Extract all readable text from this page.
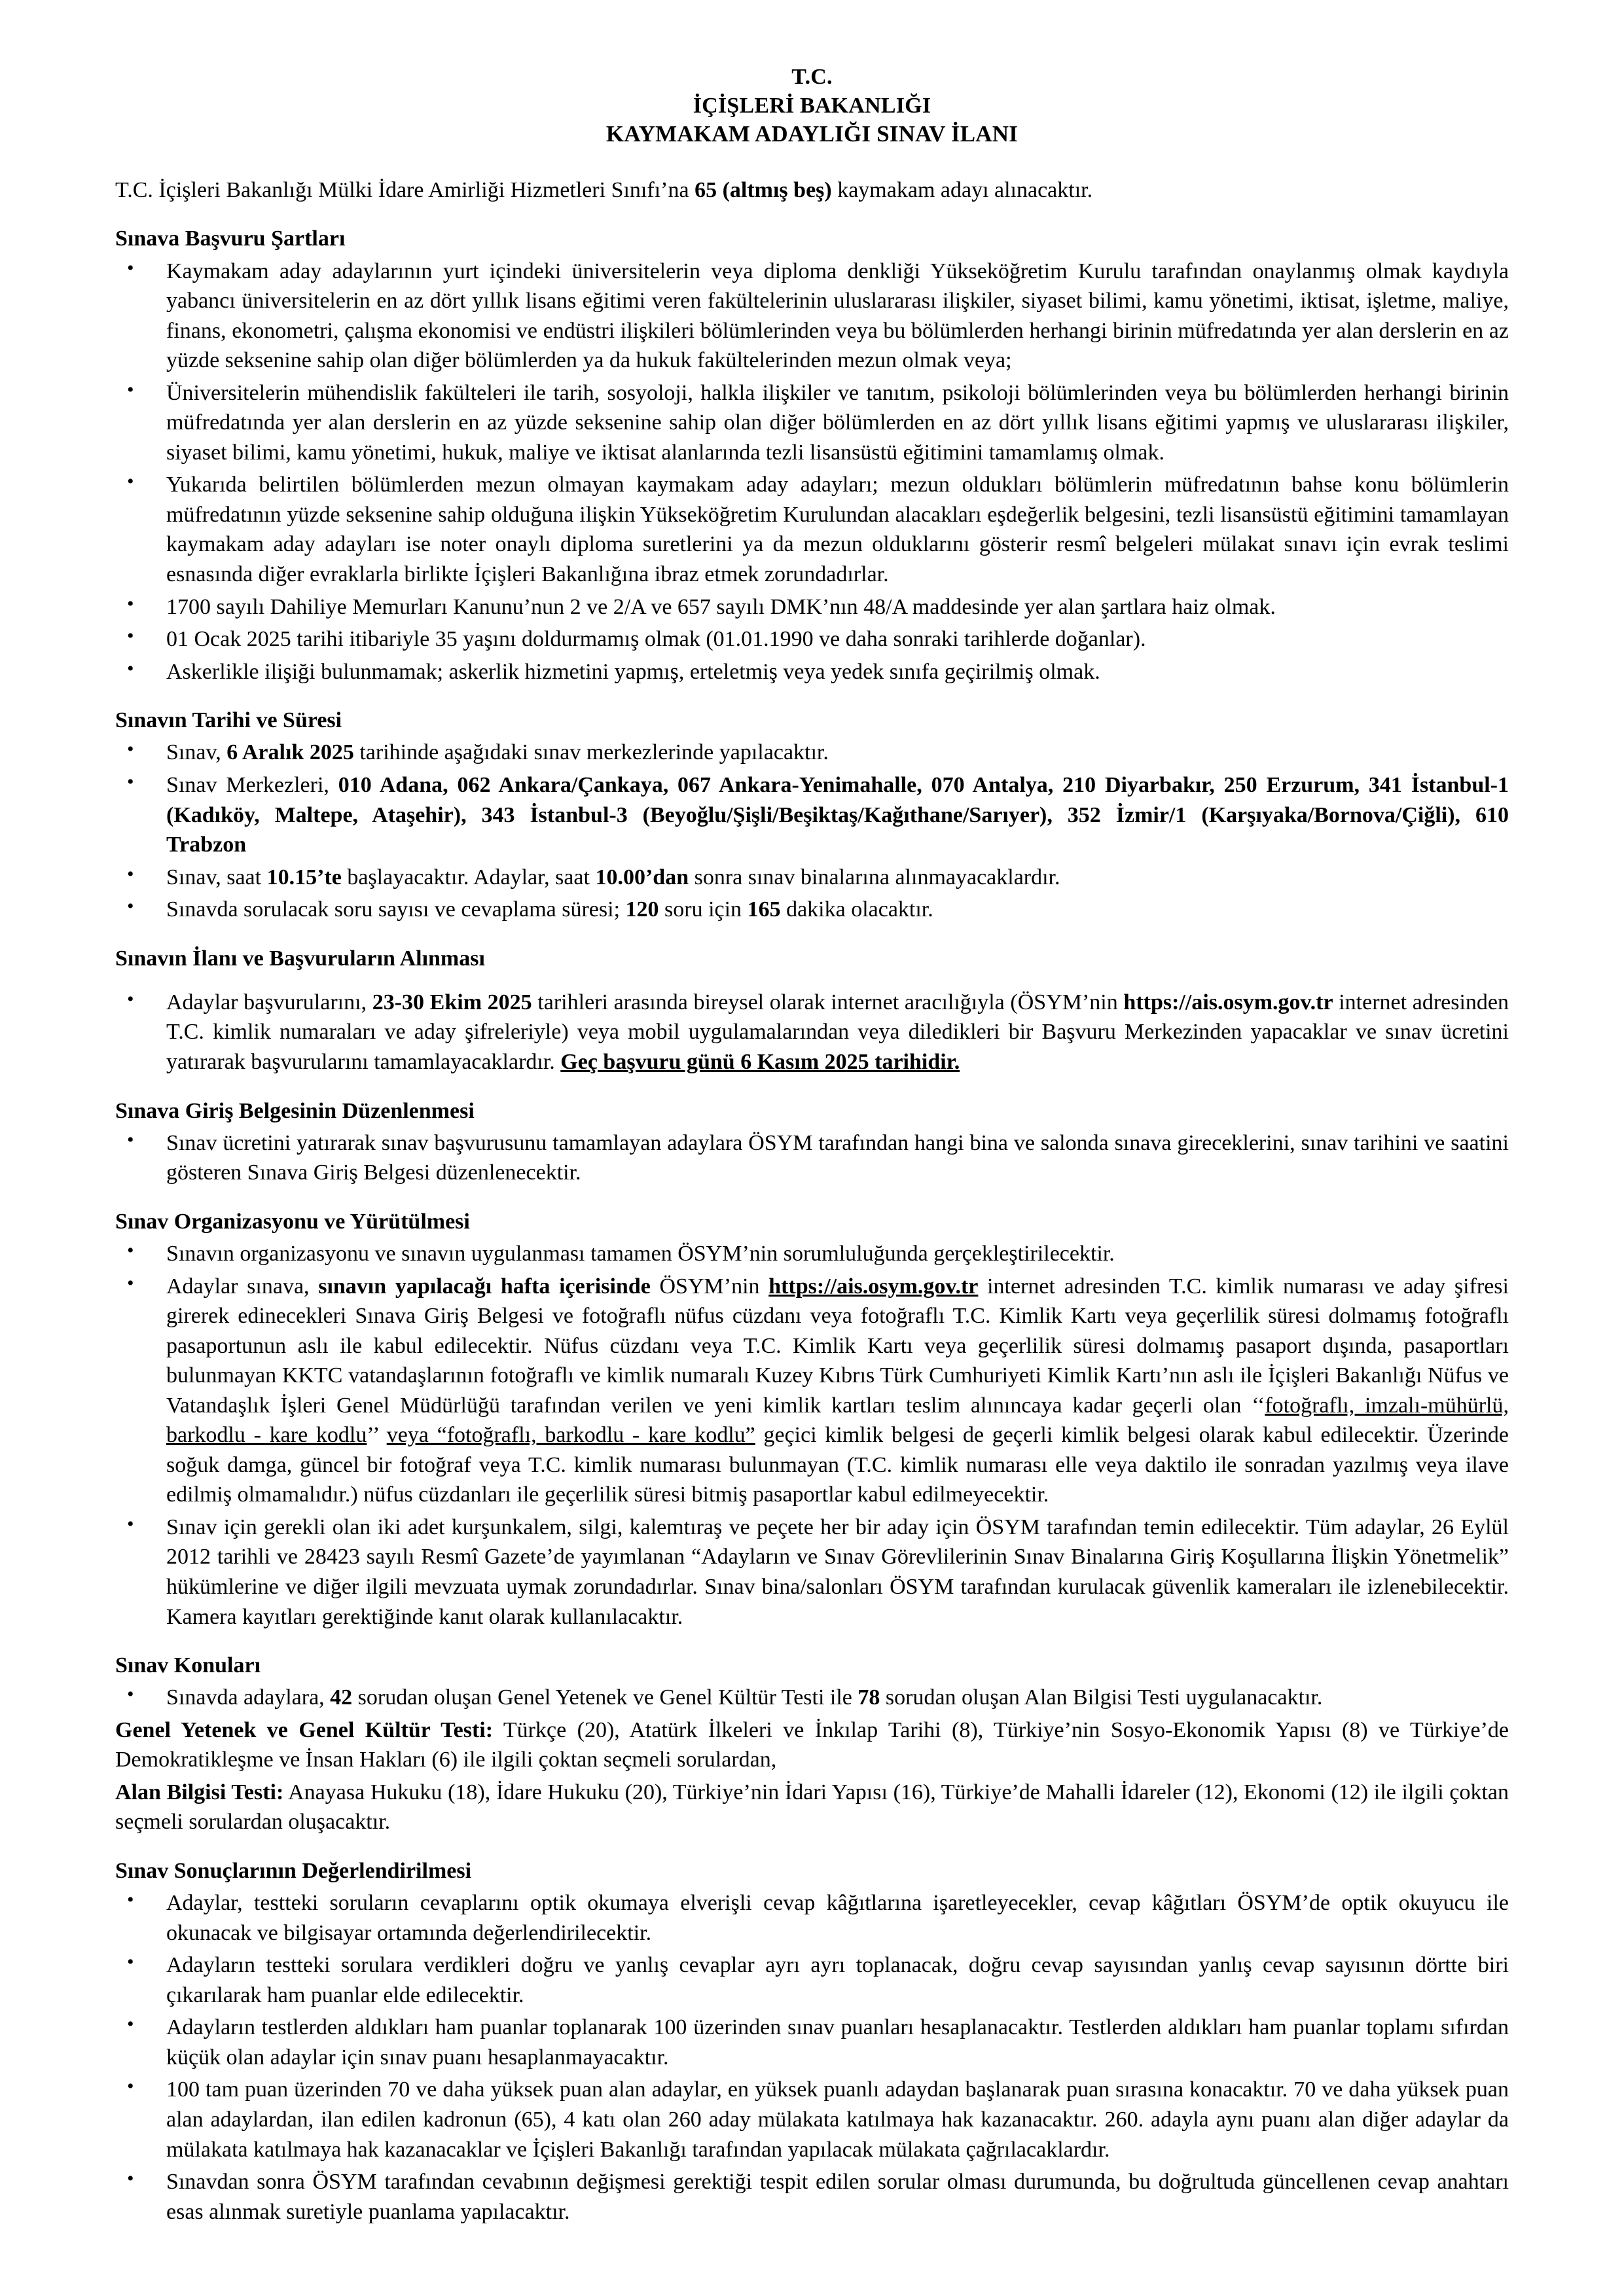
T.C.
İÇİŞLERİ BAKANLIĞI
KAYMAKAM ADAYLIĞI SINAV İLANI
T.C. İçişleri Bakanlığı Mülki İdare Amirliği Hizmetleri Sınıfı’na 65 (altmış beş) kaymakam adayı alınacaktır.
Sınava Başvuru Şartları
• Kaymakam aday adaylarının yurt içindeki üniversitelerin veya diploma denkliği Yükseköğretim Kurulu tarafından onaylanmış olmak kaydıyla yabancı üniversitelerin en az dört yıllık lisans eğitimi veren fakültelerinin uluslararası ilişkiler, siyaset bilimi, kamu yönetimi, iktisat, işletme, maliye, finans, ekonometri, çalışma ekonomisi ve endüstri ilişkileri bölümlerinden veya bu bölümlerden herhangi birinin müfredatında yer alan derslerin en az yüzde seksenine sahip olan diğer bölümlerden ya da hukuk fakültelerinden mezun olmak veya;
• Üniversitelerin mühendislik fakülteleri ile tarih, sosyoloji, halkla ilişkiler ve tanıtım, psikoloji bölümlerinden veya bu bölümlerden herhangi birinin müfredatında yer alan derslerin en az yüzde seksenine sahip olan diğer bölümlerden en az dört yıllık lisans eğitimi yapmış ve uluslararası ilişkiler, siyaset bilimi, kamu yönetimi, hukuk, maliye ve iktisat alanlarında tezli lisansüstü eğitimini tamamlamış olmak.
• Yukarıda belirtilen bölümlerden mezun olmayan kaymakam aday adayları; mezun oldukları bölümlerin müfredatının bahse konu bölümlerin müfredatının yüzde seksenine sahip olduğuna ilişkin Yükseköğretim Kurulundan alacakları eşdeğerlik belgesini, tezli lisansüstü eğitimini tamamlayan kaymakam aday adayları ise noter onaylı diploma suretlerini ya da mezun olduklarını gösterir resmî belgeleri mülakat sınavı için evrak teslimi esnasında diğer evraklarla birlikte İçişleri Bakanlığına ibraz etmek zorundadırlar.
• 1700 sayılı Dahiliye Memurları Kanunu’nun 2 ve 2/A ve 657 sayılı DMK’nın 48/A maddesinde yer alan şartlara haiz olmak.
• 01 Ocak 2025 tarihi itibariyle 35 yaşını doldurmamış olmak (01.01.1990 ve daha sonraki tarihlerde doğanlar).
• Askerlikle ilişiği bulunmamak; askerlik hizmetini yapmış, erteletmiş veya yedek sınıfa geçirilmiş olmak.
Sınavın Tarihi ve Süresi
• Sınav, 6 Aralık 2025 tarihinde aşağıdaki sınav merkezlerinde yapılacaktır.
• Sınav Merkezleri, 010 Adana, 062 Ankara/Çankaya, 067 Ankara-Yenimahalle, 070 Antalya, 210 Diyarbakır, 250 Erzurum, 341 İstanbul-1 (Kadıköy, Maltepe, Ataşehir), 343 İstanbul-3 (Beyoğlu/Şişli/Beşiktaş/Kağıthane/Sarıyer), 352 İzmir/1 (Karşıyaka/Bornova/Çiğli), 610 Trabzon
• Sınav, saat 10.15’te başlayacaktır. Adaylar, saat 10.00’dan sonra sınav binalarına alınmayacaklardır.
• Sınavda sorulacak soru sayısı ve cevaplama süresi; 120 soru için 165 dakika olacaktır.
Sınavın İlanı ve Başvuruların Alınması
• Adaylar başvurularını, 23-30 Ekim 2025 tarihleri arasında bireysel olarak internet aracılığıyla (ÖSYM’nin https://ais.osym.gov.tr internet adresinden T.C. kimlik numaraları ve aday şifreleriyle) veya mobil uygulamalarından veya diledikleri bir Başvuru Merkezinden yapacaklar ve sınav ücretini yatırarak başvurularını tamamlayacaklardır. Geç başvuru günü 6 Kasım 2025 tarihidir.
Sınava Giriş Belgesinin Düzenlenmesi
• Sınav ücretini yatırarak sınav başvurusunu tamamlayan adaylara ÖSYM tarafından hangi bina ve salonda sınava gireceklerini, sınav tarihini ve saatini gösteren Sınava Giriş Belgesi düzenlenecektir.
Sınav Organizasyonu ve Yürütülmesi
• Sınavın organizasyonu ve sınavın uygulanması tamamen ÖSYM’nin sorumluluğunda gerçekleştirilecektir.
• Adaylar sınava, sınavın yapılacağı hafta içerisinde ÖSYM’nin https://ais.osym.gov.tr internet adresinden T.C. kimlik numarası ve aday şifresi girerek edinecekleri Sınava Giriş Belgesi ve fotoğraflı nüfus cüzdanı veya fotoğraflı T.C. Kimlik Kartı veya geçerlilik süresi dolmamış fotoğraflı pasaportunun aslı ile kabul edilecektir. Nüfus cüzdanı veya T.C. Kimlik Kartı veya geçerlilik süresi dolmamış pasaport dışında, pasaportları bulunmayan KKTC vatandaşlarının fotoğraflı ve kimlik numaralı Kuzey Kıbrıs Türk Cumhuriyeti Kimlik Kartı’nın aslı ile İçişleri Bakanlığı Nüfus ve Vatandaşlık İşleri Genel Müdürlüğü tarafından verilen ve yeni kimlik kartları teslim alınıncaya kadar geçerli olan ‘‘fotoğraflı, imzalı-mühürlü, barkodlu - kare kodlu’’ veya “fotoğraflı, barkodlu - kare kodlu” geçici kimlik belgesi de geçerli kimlik belgesi olarak kabul edilecektir. Üzerinde soğuk damga, güncel bir fotoğraf veya T.C. kimlik numarası bulunmayan (T.C. kimlik numarası elle veya daktilo ile sonradan yazılmış veya ilave edilmiş olmamalıdır.) nüfus cüzdanları ile geçerlilik süresi bitmiş pasaportlar kabul edilmeyecektir.
• Sınav için gerekli olan iki adet kurşunkalem, silgi, kalemtıraş ve peçete her bir aday için ÖSYM tarafından temin edilecektir. Tüm adaylar, 26 Eylül 2012 tarihli ve 28423 sayılı Resmî Gazete’de yayımlanan “Adayların ve Sınav Görevlilerinin Sınav Binalarına Giriş Koşullarına İlişkin Yönetmelik” hükümlerine ve diğer ilgili mevzuata uymak zorundadırlar. Sınav bina/salonları ÖSYM tarafından kurulacak güvenlik kameraları ile izlenebilecektir. Kamera kayıtları gerektiğinde kanıt olarak kullanılacaktır.
Sınav Konuları
• Sınavda adaylara, 42 sorudan oluşan Genel Yetenek ve Genel Kültür Testi ile 78 sorudan oluşan Alan Bilgisi Testi uygulanacaktır.
Genel Yetenek ve Genel Kültür Testi: Türkçe (20), Atatürk İlkeleri ve İnkılap Tarihi (8), Türkiye’nin Sosyo-Ekonomik Yapısı (8) ve Türkiye’de Demokratikleşme ve İnsan Hakları (6) ile ilgili çoktan seçmeli sorulardan,
Alan Bilgisi Testi: Anayasa Hukuku (18), İdare Hukuku (20), Türkiye’nin İdari Yapısı (16), Türkiye’de Mahalli İdareler (12), Ekonomi (12) ile ilgili çoktan seçmeli sorulardan oluşacaktır.
Sınav Sonuçlarının Değerlendirilmesi
• Adaylar, testteki soruların cevaplarını optik okumaya elverişli cevap kâğıtlarına işaretleyecekler, cevap kâğıtları ÖSYM’de optik okuyucu ile okunacak ve bilgisayar ortamında değerlendirilecektir.
• Adayların testteki sorulara verdikleri doğru ve yanlış cevaplar ayrı ayrı toplanacak, doğru cevap sayısından yanlış cevap sayısının dörtte biri çıkarılarak ham puanlar elde edilecektir.
• Adayların testlerden aldıkları ham puanlar toplanarak 100 üzerinden sınav puanları hesaplanacaktır. Testlerden aldıkları ham puanlar toplamı sıfırdan küçük olan adaylar için sınav puanı hesaplanmayacaktır.
• 100 tam puan üzerinden 70 ve daha yüksek puan alan adaylar, en yüksek puanlı adaydan başlanarak puan sırasına konacaktır. 70 ve daha yüksek puan alan adaylardan, ilan edilen kadronun (65), 4 katı olan 260 aday mülakata katılmaya hak kazanacaktır. 260. adayla aynı puanı alan diğer adaylar da mülakata katılmaya hak kazanacaklar ve İçişleri Bakanlığı tarafından yapılacak mülakata çağrılacaklardır.
• Sınavdan sonra ÖSYM tarafından cevabının değişmesi gerektiği tespit edilen sorular olması durumunda, bu doğrultuda güncellenen cevap anahtarı esas alınmak suretiyle puanlama yapılacaktır.
